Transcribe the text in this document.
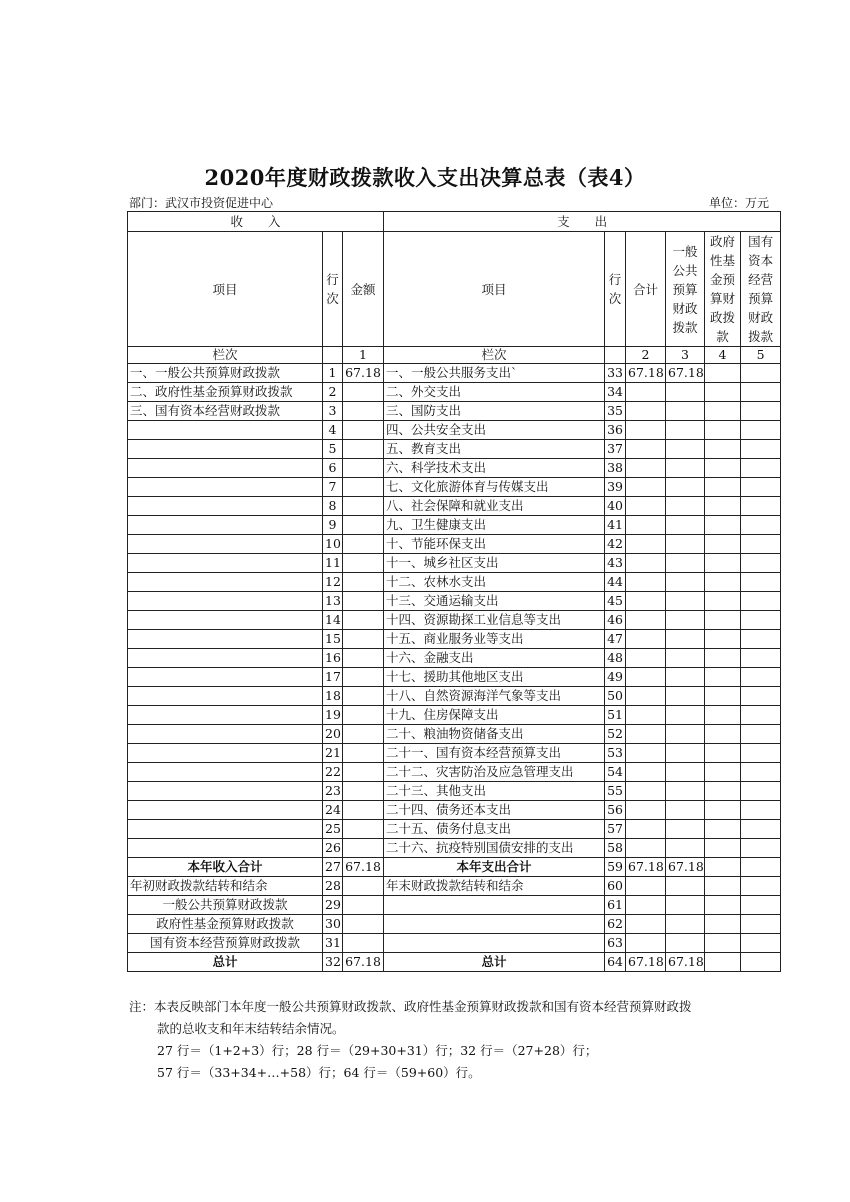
2020年度财政拨款收入支出决算总表（表4）
部门：武汉市投资促进中心	单位：万元
收　　入			支　　出					
项目	行次	金额	项目	行次	合计	一般公共预算财政拨款	政府性基金预算财政拨款	国有资本经营预算财政拨款
栏次		1	栏次		2	3	4	5
一、一般公共预算财政拨款	1	67.18	一、一般公共服务支出`	33	67.18	67.18		
二、政府性基金预算财政拨款	2		二、外交支出	34				
三、国有资本经营财政拨款	3		三、国防支出	35				
	4		四、公共安全支出	36				
	5		五、教育支出	37				
	6		六、科学技术支出	38				
	7		七、文化旅游体育与传媒支出	39				
	8		八、社会保障和就业支出	40				
	9		九、卫生健康支出	41				
	10		十、节能环保支出	42				
	11		十一、城乡社区支出	43				
	12		十二、农林水支出	44				
	13		十三、交通运输支出	45				
	14		十四、资源勘探工业信息等支出	46				
	15		十五、商业服务业等支出	47				
	16		十六、金融支出	48				
	17		十七、援助其他地区支出	49				
	18		十八、自然资源海洋气象等支出	50				
	19		十九、住房保障支出	51				
	20		二十、粮油物资储备支出	52				
	21		二十一、国有资本经营预算支出	53				
	22		二十二、灾害防治及应急管理支出	54				
	23		二十三、其他支出	55				
	24		二十四、债务还本支出	56				
	25		二十五、债务付息支出	57				
	26		二十六、抗疫特别国债安排的支出	58				
本年收入合计	27	67.18	本年支出合计	59	67.18	67.18		
年初财政拨款结转和结余	28		年末财政拨款结转和结余	60				
一般公共预算财政拨款	29			61				
政府性基金预算财政拨款	30			62				
国有资本经营预算财政拨款	31			63				
总计	32	67.18	总计	64	67.18	67.18		
注：本表反映部门本年度一般公共预算财政拨款、政府性基金预算财政拨款和国有资本经营预算财政拨
款的总收支和年末结转结余情况。
27 行＝（1+2+3）行；28 行＝（29+30+31）行；32 行＝（27+28）行；
57 行＝（33+34+…+58）行；64 行＝（59+60）行。
